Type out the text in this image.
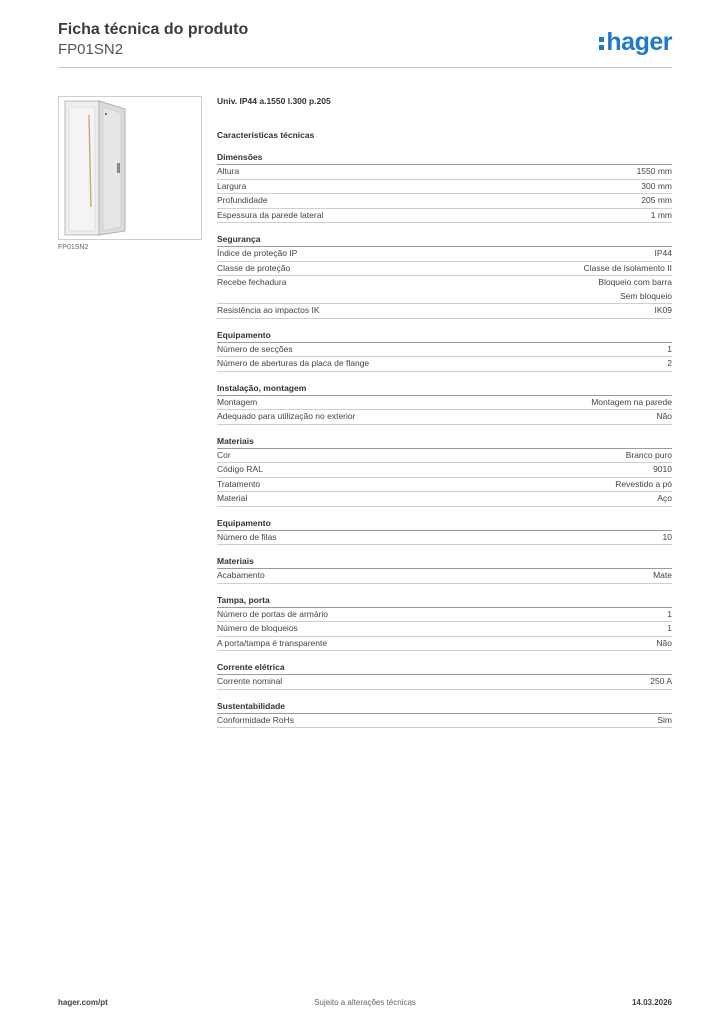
Ficha técnica do produto
FP01SN2	hager
FP01SN2
Univ. IP44 a.1550 l.300 p.205
Características técnicas
Dimensões
Altura	1550 mm
Largura	300 mm
Profundidade	205 mm
Espessura da parede lateral	1 mm
Segurança
Índice de proteção IP	IP44
Classe de proteção	Classe de isolamento II
Recebe fechadura	Bloqueio com barra
Sem bloqueio
Resistência ao impactos IK	IK09
Equipamento
Número de secções	1
Número de aberturas da placa de flange	2
Instalação, montagem
Montagem	Montagem na parede
Adequado para utilização no exterior	Não
Materiais
Cor	Branco puro
Código RAL	9010
Tratamento	Revestido a pó
Material	Aço
Equipamento
Número de filas	10
Materiais
Acabamento	Mate
Tampa, porta
Número de portas de armário	1
Número de bloqueios	1
A porta/tampa é transparente	Não
Corrente elétrica
Corrente nominal	250 A
Sustentabilidade
Conformidade RoHs	Sim
hager.com/pt	Sujeito a alterações técnicas	14.03.2026
